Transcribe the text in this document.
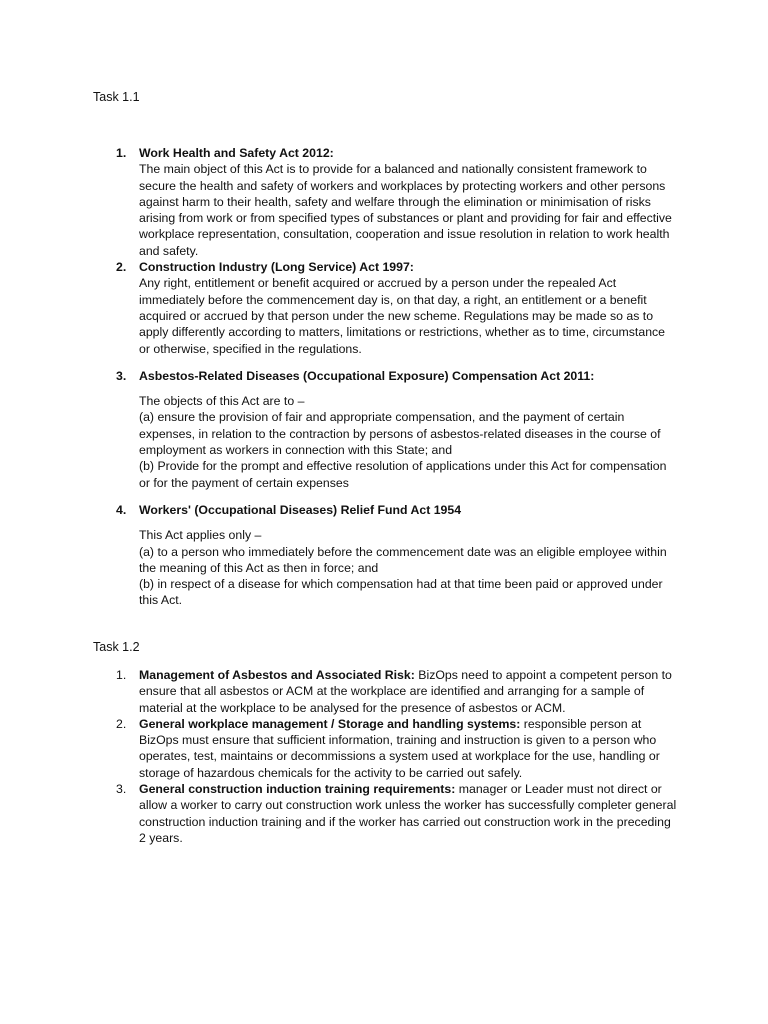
Task 1.1
1. Work Health and Safety Act 2012:
The main object of this Act is to provide for a balanced and nationally consistent framework to secure the health and safety of workers and workplaces by protecting workers and other persons against harm to their health, safety and welfare through the elimination or minimisation of risks arising from work or from specified types of substances or plant and providing for fair and effective workplace representation, consultation, cooperation and issue resolution in relation to work health and safety.
2. Construction Industry (Long Service) Act 1997:
Any right, entitlement or benefit acquired or accrued by a person under the repealed Act immediately before the commencement day is, on that day, a right, an entitlement or a benefit acquired or accrued by that person under the new scheme. Regulations may be made so as to apply differently according to matters, limitations or restrictions, whether as to time, circumstance or otherwise, specified in the regulations.
3. Asbestos-Related Diseases (Occupational Exposure) Compensation Act 2011:

The objects of this Act are to –

(a) ensure the provision of fair and appropriate compensation, and the payment of certain expenses, in relation to the contraction by persons of asbestos-related diseases in the course of employment as workers in connection with this State; and

(b) Provide for the prompt and effective resolution of applications under this Act for compensation or for the payment of certain expenses

4. Workers' (Occupational Diseases) Relief Fund Act 1954

This Act applies only –

(a) to a person who immediately before the commencement date was an eligible employee within the meaning of this Act as then in force; and

(b) in respect of a disease for which compensation had at that time been paid or approved under this Act.

Task 1.2
1. Management of Asbestos and Associated Risk: BizOps need to appoint a competent person to ensure that all asbestos or ACM at the workplace are identified and arranging for a sample of material at the workplace to be analysed for the presence of asbestos or ACM.
2. General workplace management / Storage and handling systems: responsible person at BizOps must ensure that sufficient information, training and instruction is given to a person who operates, test, maintains or decommissions a system used at workplace for the use, handling or storage of hazardous chemicals for the activity to be carried out safely.
3. General construction induction training requirements: manager or Leader must not direct or allow a worker to carry out construction work unless the worker has successfully completer general construction induction training and if the worker has carried out construction work in the preceding 2 years.
